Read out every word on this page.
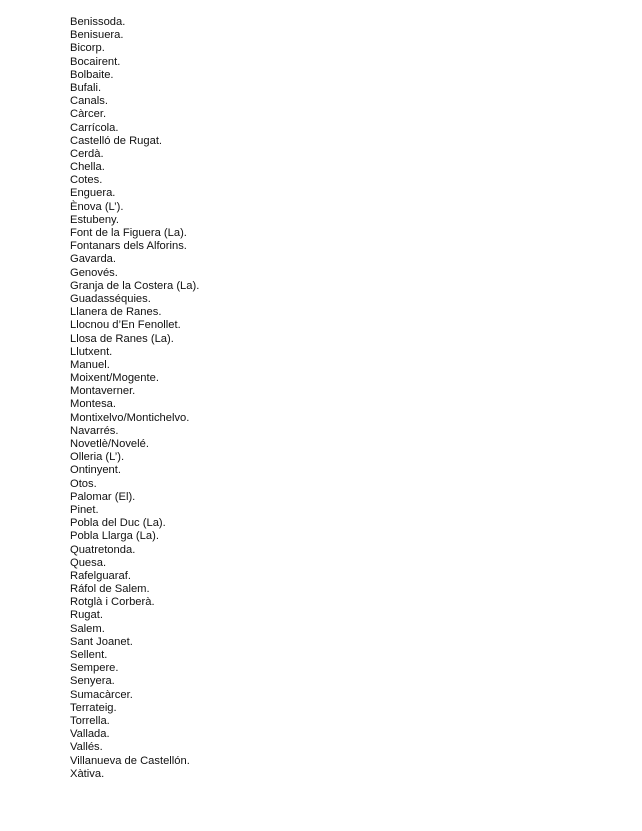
Benissoda.
Benisuera.
Bicorp.
Bocairent.
Bolbaite.
Bufali.
Canals.
Càrcer.
Carrícola.
Castelló de Rugat.
Cerdà.
Chella.
Cotes.
Enguera.
Ènova (L’).
Estubeny.
Font de la Figuera (La).
Fontanars dels Alforins.
Gavarda.
Genovés.
Granja de la Costera (La).
Guadasséquies.
Llanera de Ranes.
Llocnou d’En Fenollet.
Llosa de Ranes (La).
Llutxent.
Manuel.
Moixent/Mogente.
Montaverner.
Montesa.
Montixelvo/Montichelvo.
Navarrés.
Novetlè/Novelé.
Olleria (L’).
Ontinyent.
Otos.
Palomar (El).
Pinet.
Pobla del Duc (La).
Pobla Llarga (La).
Quatretonda.
Quesa.
Rafelguaraf.
Ráfol de Salem.
Rotglà i Corberà.
Rugat.
Salem.
Sant Joanet.
Sellent.
Sempere.
Senyera.
Sumacàrcer.
Terrateig.
Torrella.
Vallada.
Vallés.
Villanueva de Castellón.
Xàtiva.
